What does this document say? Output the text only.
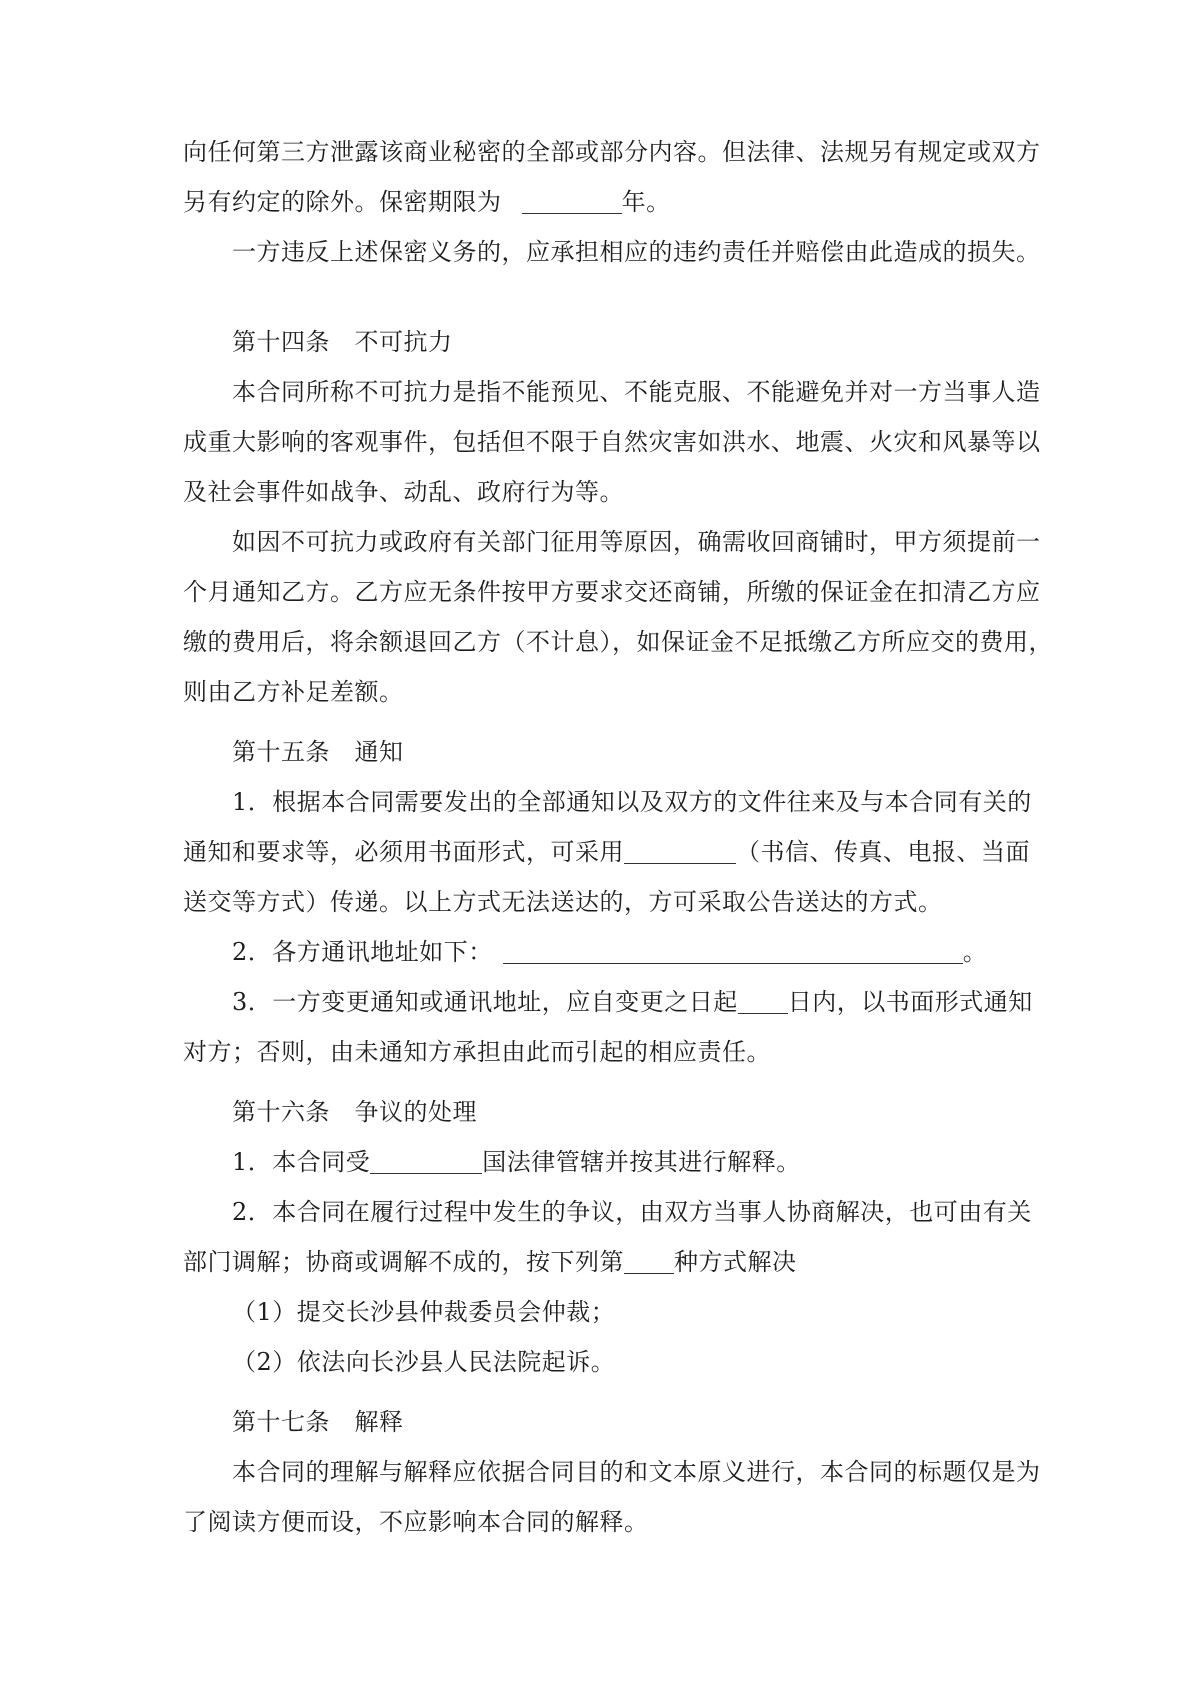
向任何第三方泄露该商业秘密的全部或部分内容。但法律、法规另有规定或双方
另有约定的除外。保密期限为	年。
一方违反上述保密义务的，应承担相应的违约责任并赔偿由此造成的损失。
第十四条　不可抗力
本合同所称不可抗力是指不能预见、不能克服、不能避免并对一方当事人造
成重大影响的客观事件，包括但不限于自然灾害如洪水、地震、火灾和风暴等以
及社会事件如战争、动乱、政府行为等。
如因不可抗力或政府有关部门征用等原因，确需收回商铺时，甲方须提前一
个月通知乙方。乙方应无条件按甲方要求交还商铺，所缴的保证金在扣清乙方应
缴的费用后，将余额退回乙方（不计息），如保证金不足抵缴乙方所应交的费用，
则由乙方补足差额。
第十五条　通知
1．根据本合同需要发出的全部通知以及双方的文件往来及与本合同有关的
通知和要求等，必须用书面形式，可采用	（书信、传真、电报、当面
送交等方式）传递。以上方式无法送达的，方可采取公告送达的方式。
2．各方通讯地址如下：	。
3．一方变更通知或通讯地址，应自变更之日起 日内，以书面形式通知
对方；否则，由未通知方承担由此而引起的相应责任。
第十六条　争议的处理
1．本合同受	国法律管辖并按其进行解释。
2．本合同在履行过程中发生的争议，由双方当事人协商解决，也可由有关
部门调解；协商或调解不成的，按下列第 种方式解决
（1）提交长沙县仲裁委员会仲裁；
（2）依法向长沙县人民法院起诉。
第十七条　解释
本合同的理解与解释应依据合同目的和文本原义进行，本合同的标题仅是为
了阅读方便而设，不应影响本合同的解释。
